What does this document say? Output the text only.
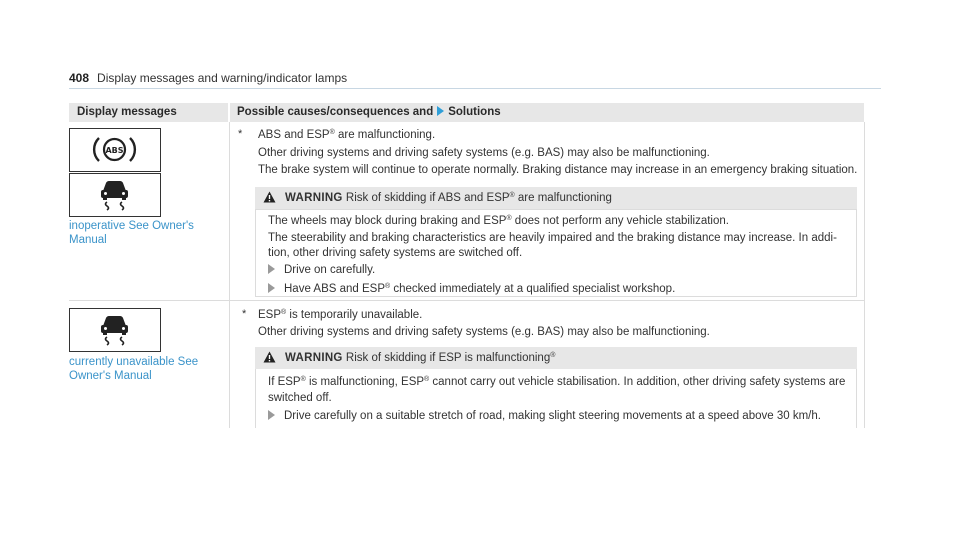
408 Display messages and warning/indicator lamps
Display messages	Possible causes/consequences and Solutions
ABS
inoperative See Owner's
Manual
* ABS and ESP® are malfunctioning.
Other driving systems and driving safety systems (e.g. BAS) may also be malfunctioning.
The brake system will continue to operate normally. Braking distance may increase in an emergency braking situation.
WARNING Risk of skidding if ABS and ESP® are malfunctioning
The wheels may block during braking and ESP® does not perform any vehicle stabilization.
The steerability and braking characteristics are heavily impaired and the braking distance may increase. In addi-
tion, other driving safety systems are switched off.
Drive on carefully.
Have ABS and ESP® checked immediately at a qualified specialist workshop.
currently unavailable See
Owner's Manual
* ESP® is temporarily unavailable.
Other driving systems and driving safety systems (e.g. BAS) may also be malfunctioning.
WARNING Risk of skidding if ESP is malfunctioning®
If ESP® is malfunctioning, ESP® cannot carry out vehicle stabilisation. In addition, other driving safety systems are
switched off.
Drive carefully on a suitable stretch of road, making slight steering movements at a speed above 30 km/h.
